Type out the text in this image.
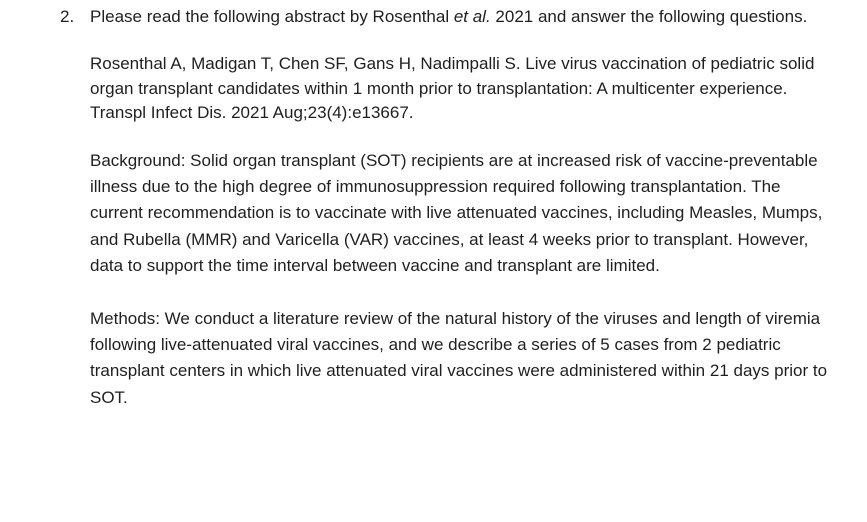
2. Please read the following abstract by Rosenthal et al. 2021 and answer the following questions.

Rosenthal A, Madigan T, Chen SF, Gans H, Nadimpalli S. Live virus vaccination of pediatric solid organ transplant candidates within 1 month prior to transplantation: A multicenter experience. Transpl Infect Dis. 2021 Aug;23(4):e13667.

Background: Solid organ transplant (SOT) recipients are at increased risk of vaccine-preventable illness due to the high degree of immunosuppression required following transplantation. The current recommendation is to vaccinate with live attenuated vaccines, including Measles, Mumps, and Rubella (MMR) and Varicella (VAR) vaccines, at least 4 weeks prior to transplant. However, data to support the time interval between vaccine and transplant are limited.

Methods: We conduct a literature review of the natural history of the viruses and length of viremia following live-attenuated viral vaccines, and we describe a series of 5 cases from 2 pediatric transplant centers in which live attenuated viral vaccines were administered within 21 days prior to SOT.
